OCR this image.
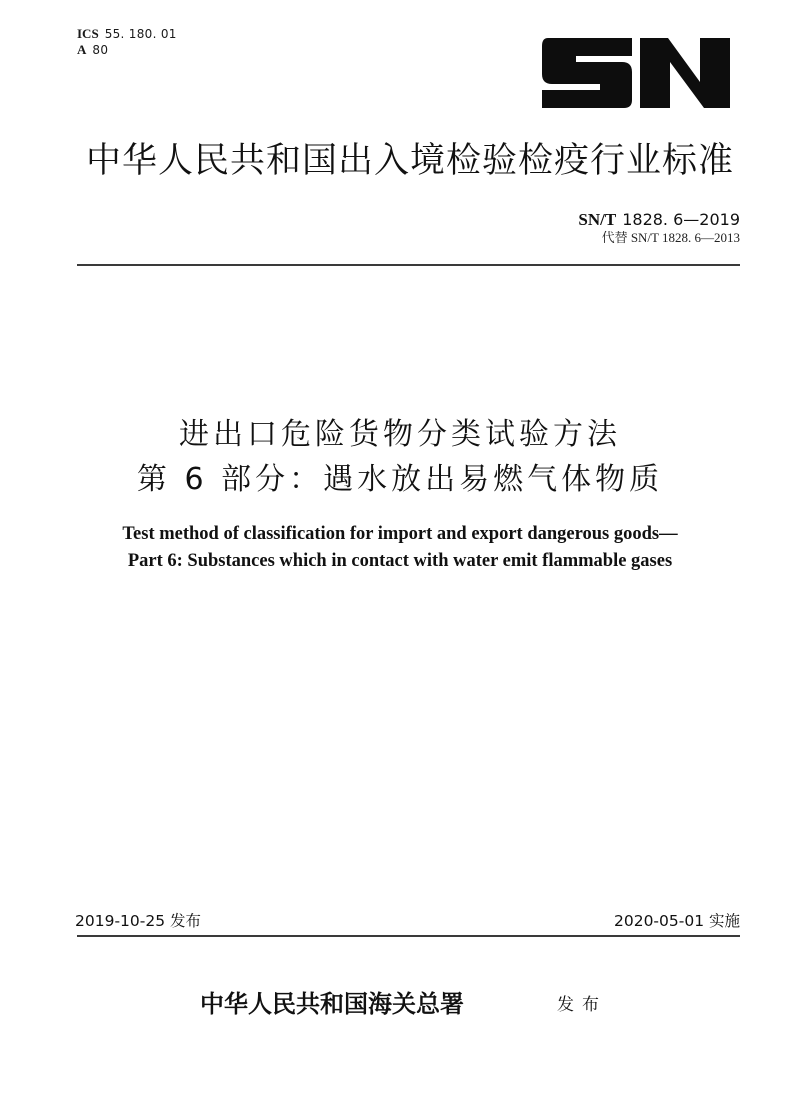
ICS 55. 180. 01
A 80
中华人民共和国出入境检验检疫行业标准
SN/T 1828. 6—2019
代替 SN/T 1828. 6—2013
进出口危险货物分类试验方法
第 6 部分：遇水放出易燃气体物质
Test method of classification for import and export dangerous goods—
Part 6: Substances which in contact with water emit flammable gases
2019-10-25 发布	2020-05-01 实施
中华人民共和国海关总署	发布
